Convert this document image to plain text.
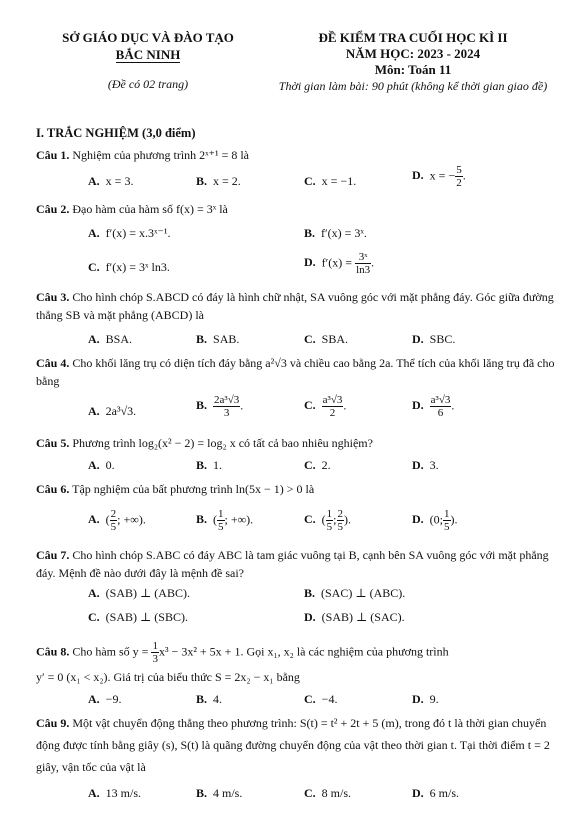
SỞ GIÁO DỤC VÀ ĐÀO TẠO
BẮC NINH
(Đề có 02 trang)
ĐỀ KIỂM TRA CUỐI HỌC KÌ II
NĂM HỌC: 2023 - 2024
Môn: Toán 11
Thời gian làm bài: 90 phút (không kể thời gian giao đề)
I. TRẮC NGHIỆM (3,0 điểm)
Câu 1. Nghiệm của phương trình 2ˣ⁺¹ = 8 là
A. x = 3.	B. x = 2.	C. x = −1.	D. x = − $\frac{5}{2}$ .
Câu 2. Đạo hàm của hàm số f(x) = 3ˣ là
A. f′(x) = x.3ˣ⁻¹.	B. f′(x) = 3ˣ.
C. f′(x) = 3ˣ ln3.	D. $f'(x) = \frac{\text{3ˣ}}{\ln 3}$ .
Câu 3. Cho hình chóp S.ABCD có đáy là hình chữ nhật, SA vuông góc với mặt phẳng đáy. Góc giữa đường thẳng SB và mặt phẳng (ABCD) là
A. BSA.	B. SAB.	C. SBA.	D. SBC.
Câu 4. Cho khối lăng trụ có diện tích đáy bằng a²√3 và chiều cao bằng 2a. Thể tích của khối lăng trụ đã cho bằng
A. 2a³√3.	B. $\frac{\text{2a³√3}}{3}$ .	C. $\frac{\text{a³√3}}{2}$ .	D. $\frac{\text{a³√3}}{6}$ .
Câu 5. Phương trình log₂(x² − 2) = log₂ x có tất cả bao nhiêu nghiệm?
A. 0.	B. 1.	C. 2.	D. 3.
Câu 6. Tập nghiệm của bất phương trình ln(5x − 1) > 0 là
A. ( $\frac{2}{5}$ ; +∞).	B. ( $\frac{1}{5}$ ; +∞).	C. ( $\frac{1}{5}$ ; $\frac{2}{5}$ ).	D. (0; $\frac{1}{5}$ ).
Câu 7. Cho hình chóp S.ABC có đáy ABC là tam giác vuông tại B, cạnh bên SA vuông góc với mặt phẳng đáy. Mệnh đề nào dưới đây là mệnh đề sai?
A. (SAB) ⊥ (ABC).	B. (SAC) ⊥ (ABC).
C. (SAB) ⊥ (SBC).	D. (SAB) ⊥ (SAC).
Câu 8. Cho hàm số $y = \frac{1}{3} x^3 - 3x^2 + 5x + 1$. Gọi x₁, x₂ là các nghiệm của phương trình
y′ = 0 (x₁ < x₂). Giá trị của biểu thức S = 2x₂ − x₁ bằng
A. −9.	B. 4.	C. −4.	D. 9.
Câu 9. Một vật chuyển động thẳng theo phương trình: S(t) = t² + 2t + 5 (m), trong đó t là thời gian chuyển động được tính bằng giây (s), S(t) là quãng đường chuyển động của vật theo thời gian t. Tại thời điểm t = 2 giây, vận tốc của vật là
A. 13 m/s.	B. 4 m/s.	C. 8 m/s.	D. 6 m/s.
